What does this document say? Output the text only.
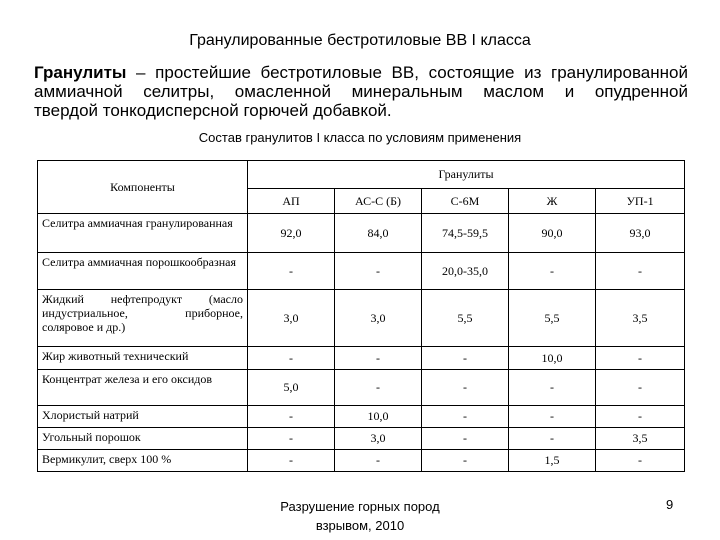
Гранулированные бестротиловые ВВ I класса
Гранулиты – простейшие бестротиловые ВВ, состоящие из гранулированной
аммиачной селитры, омасленной минеральным маслом и опудренной
твердой тонкодисперсной горючей добавкой.
Состав гранулитов I класса по условиям применения
Компоненты	Гранулиты				
	АП	АС-С (Б)	С-6М	Ж	УП-1
Селитра аммиачная гранулированная	92,0	84,0	74,5-59,5	90,0	93,0
Селитра аммиачная порошкообразная	-	-	20,0-35,0	-	-
Жидкий нефтепродукт (масло индустриальное, приборное, соляровое и др.)	3,0	3,0	5,5	5,5	3,5
Жир животный технический	-	-	-	10,0	-
Концентрат железа и его оксидов	5,0	-	-	-	-
Хлористый натрий	-	10,0	-	-	-
Угольный порошок	-	3,0	-	-	3,5
Вермикулит, сверх 100 %	-	-	-	1,5	-
Разрушение горных пород
взрывом, 2010
9
